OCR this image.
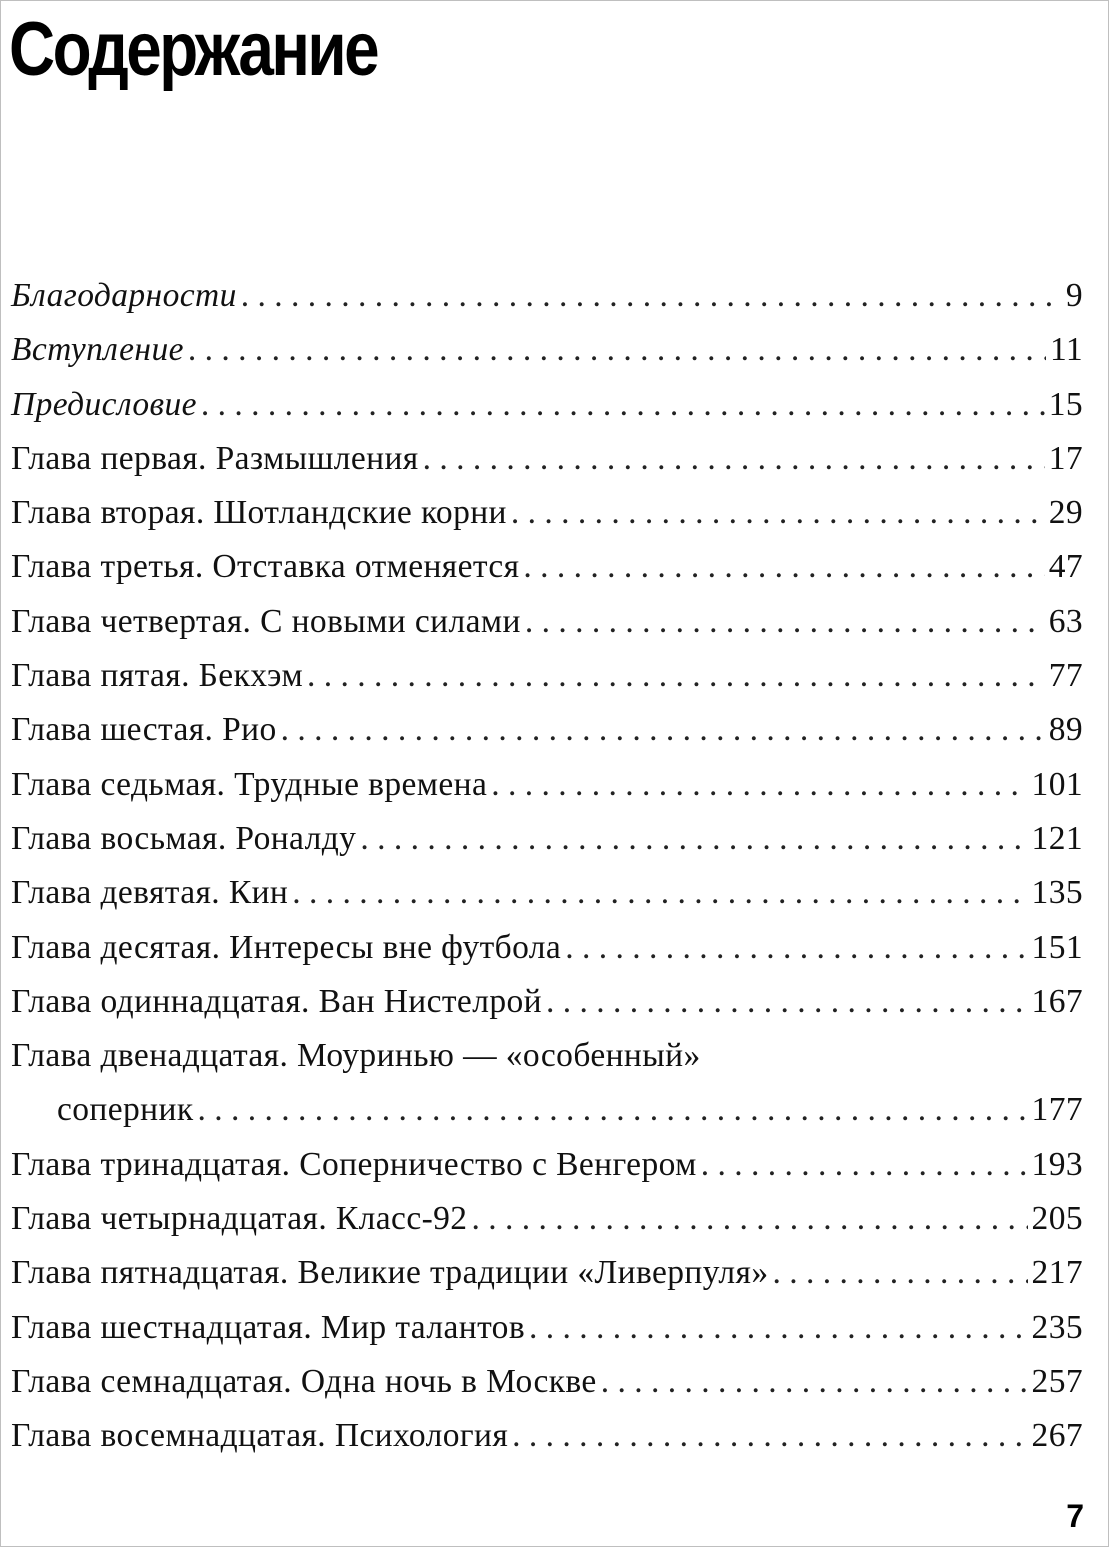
Содержание
Благодарности . . .	9
Вступление . . .	11
Предисловие . . .	15
Глава первая. Размышления . . .	17
Глава вторая. Шотландские корни . . .	29
Глава третья. Отставка отменяется . . .	47
Глава четвертая. С новыми силами . . .	63
Глава пятая. Бекхэм . . .	77
Глава шестая. Рио . . .	89
Глава седьмая. Трудные времена . . .	101
Глава восьмая. Роналду . . .	121
Глава девятая. Кин . . .	135
Глава десятая. Интересы вне футбола . . .	151
Глава одиннадцатая. Ван Нистелрой . . .	167
Глава двенадцатая. Моуринью — «особенный»
соперник . . .	177
Глава тринадцатая. Соперничество с Венгером . . .	193
Глава четырнадцатая. Класс-92 . . .	205
Глава пятнадцатая. Великие традиции «Ливерпуля» . . .	217
Глава шестнадцатая. Мир талантов . . .	235
Глава семнадцатая. Одна ночь в Москве . . .	257
Глава восемнадцатая. Психология . . .	267
7
